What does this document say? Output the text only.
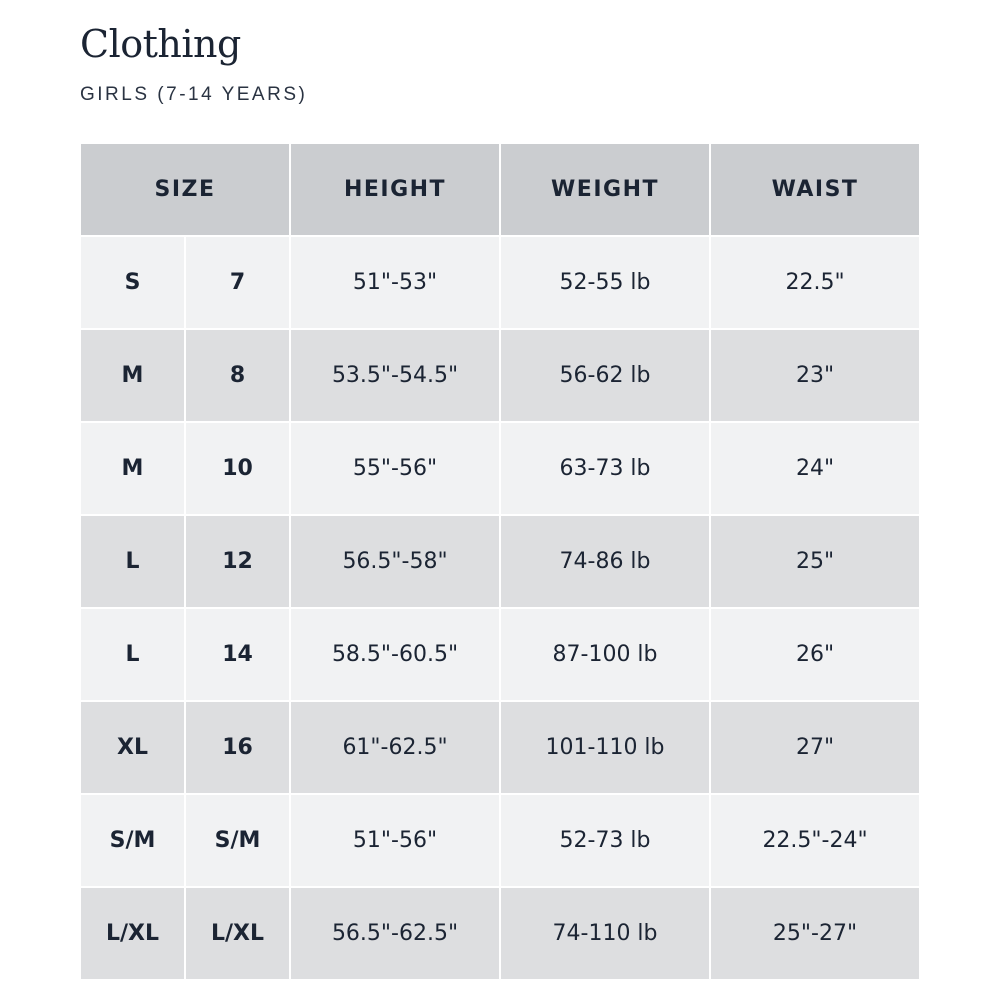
Clothing
GIRLS (7-14 YEARS)
SIZE		HEIGHT	WEIGHT	WAIST
S	7	51"-53"	52-55 lb	22.5"
M	8	53.5"-54.5"	56-62 lb	23"
M	10	55"-56"	63-73 lb	24"
L	12	56.5"-58"	74-86 lb	25"
L	14	58.5"-60.5"	87-100 lb	26"
XL	16	61"-62.5"	101-110 lb	27"
S/M	S/M	51"-56"	52-73 lb	22.5"-24"
L/XL	L/XL	56.5"-62.5"	74-110 lb	25"-27"
